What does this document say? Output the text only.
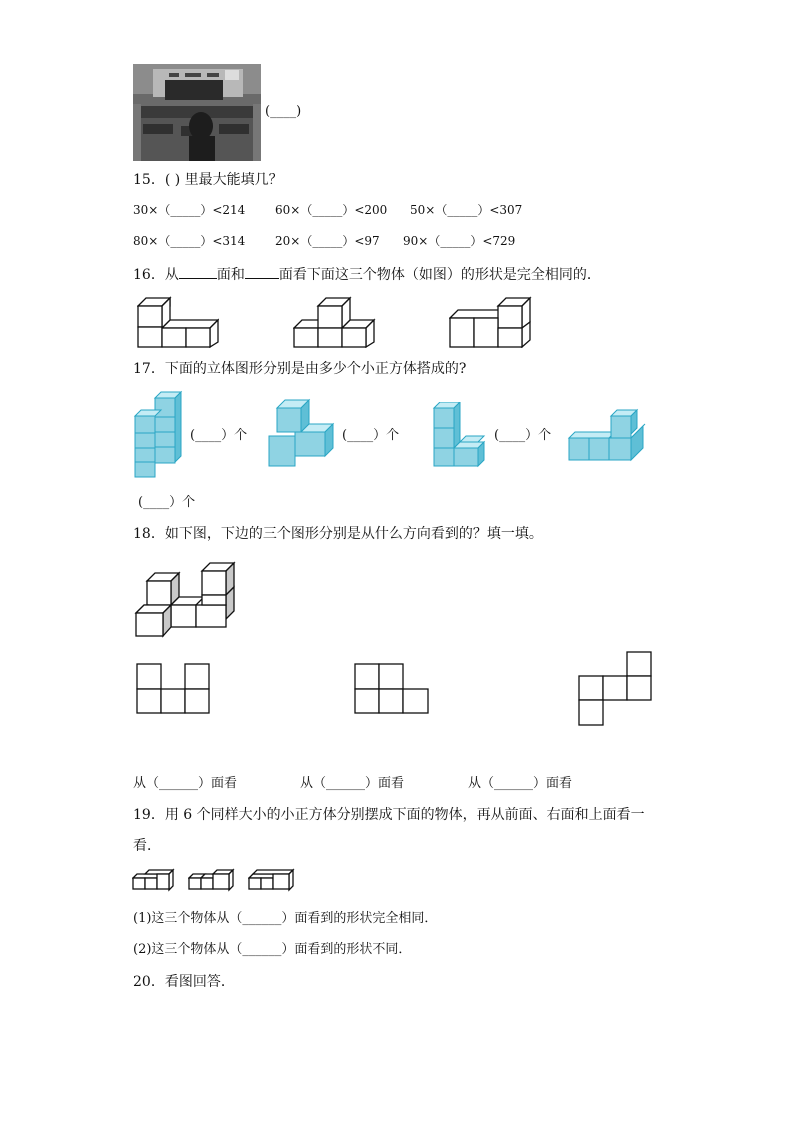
(____)
15．( ) 里最大能填几？
30×（_____）<214 60×（_____）<200 50×（_____）<307
80×（_____）<314 20×（_____）<97 90×（_____）<729
16．从	面和 面看下面这三个物体（如图）的形状是完全相同的．
17．下面的立体图形分别是由多少个小正方体搭成的?
(____）个	(____）个	(____）个
(____）个
18．如下图，下边的三个图形分别是从什么方向看到的？填一填。
从（______）面看	从（______）面看	从（______）面看
19．用 6 个同样大小的小正方体分别摆成下面的物体，再从前面、右面和上面看一
看．
(1)这三个物体从（______）面看到的形状完全相同．
(2)这三个物体从（______）面看到的形状不同．
20．看图回答．
